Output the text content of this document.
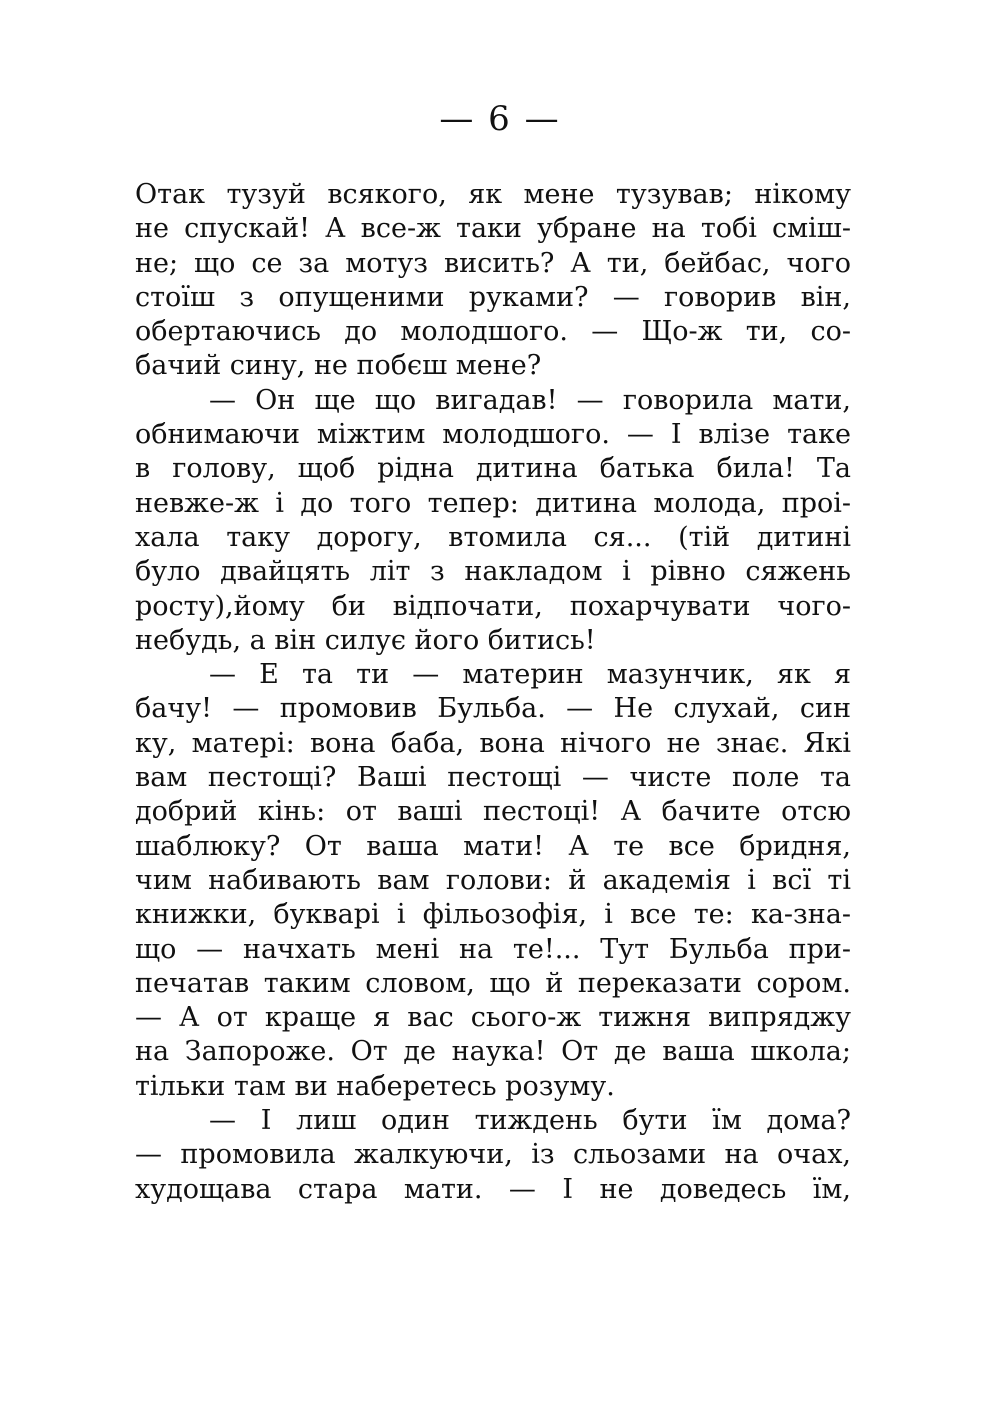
— 6 —
Отак тузуй всякого, як мене тузував; нікому
не спускай! А все-ж таки убране на тобі сміш-
не; що се за мотуз висить? А ти, бейбас, чого
стоїш з опущеними руками? — говорив він,
обертаючись до молодшого. — Що-ж ти, со-
бачий сину, не побєш мене?
— Он ще що вигадав! — говорила мати,
обнимаючи міжтим молодшого. — І влізе таке
в голову, щоб рідна дитина батька била! Та
невже-ж і до того тепер: дитина молода, проі-
хала таку дорогу, втомила ся... (тій дитині
було двайцять літ з накладом і рівно сяжень
росту),йому би відпочати, похарчувати чого-
небудь, а він силує його битись!
— Е та ти — материн мазунчик, як я
бачу! — промовив Бульба. — Не слухай, син
ку, матері: вона баба, вона нічого не знає. Які
вам пестощі? Ваші пестощі — чисте поле та
добрий кінь: от ваші пестоці! А бачите отсю
шаблюку? От ваша мати! А те все бридня,
чим набивають вам голови: й академія і всї ті
книжки, букварі і фільозофія, і все те: ка-зна-
що — начхать мені на те!... Тут Бульба при-
печатав таким словом, що й переказати сором.
— А от краще я вас сього-ж тижня випряджу
на Запороже. От де наука! От де ваша школа;
тільки там ви наберетесь розуму.
— І лиш один тиждень бути їм дома?
— промовила жалкуючи, із сльозами на очах,
худощава стара мати. — І не доведесь їм,
